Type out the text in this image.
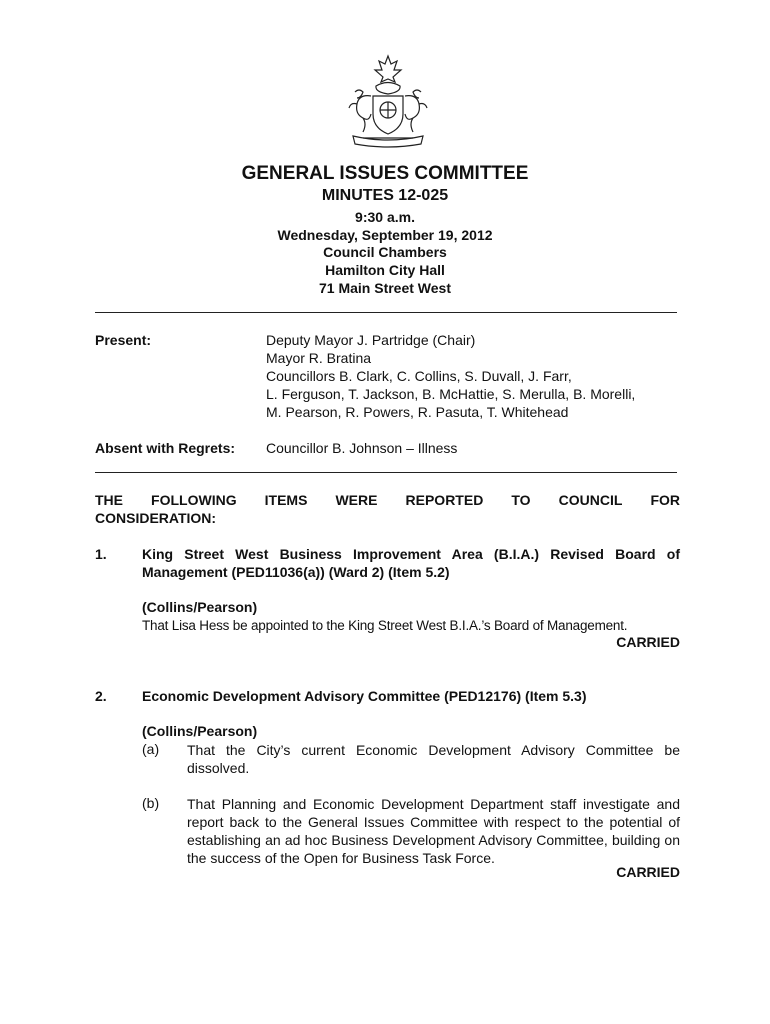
GENERAL ISSUES COMMITTEE
MINUTES 12-025
9:30 a.m.
Wednesday, September 19, 2012
Council Chambers
Hamilton City Hall
71 Main Street West
Present:	Deputy Mayor J. Partridge (Chair)
Mayor R. Bratina
Councillors B. Clark, C. Collins, S. Duvall, J. Farr,
L. Ferguson, T. Jackson, B. McHattie, S. Merulla, B. Morelli,
M. Pearson, R. Powers, R. Pasuta, T. Whitehead
Absent with Regrets: Councillor B. Johnson – Illness
THE FOLLOWING ITEMS WERE REPORTED TO COUNCIL FOR
CONSIDERATION:
1.	King Street West Business Improvement Area (B.I.A.) Revised Board of Management (PED11036(a)) (Ward 2) (Item 5.2)
(Collins/Pearson)
That Lisa Hess be appointed to the King Street West B.I.A.’s Board of Management.
CARRIED
2.	Economic Development Advisory Committee (PED12176) (Item 5.3)
(Collins/Pearson)
(a) That the City’s current Economic Development Advisory Committee be dissolved.
(b) That Planning and Economic Development Department staff investigate and report back to the General Issues Committee with respect to the potential of establishing an ad hoc Business Development Advisory Committee, building on the success of the Open for Business Task Force.
CARRIED
